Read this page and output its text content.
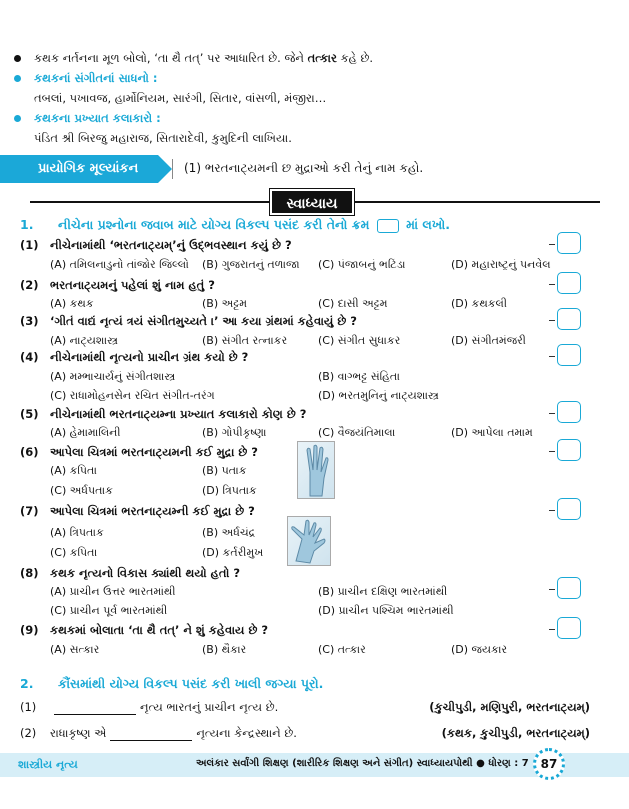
કથક નર્તનના મૂળ બોલો, ‘તા થૈ તત્’ પર આધારિત છે. જેને તત્કાર કહે છે.
કથકનાં સંગીતનાં સાધનો :
તબલાં, પખાવજ, હાર્મોનિયમ, સારંગી, સિતાર, વાંસળી, મંજીરા…
કથકના પ્રખ્યાત કલાકારો :
પંડિત શ્રી બિરજુ મહારાજ, સિતારાદેવી, કુમુદિની લાખિયા.
પ્રાયોગિક મૂલ્યાંકન	(1) ભરતનાટ્યમની છ મુદ્રાઓ કરી તેનું નામ કહો.
સ્વાધ્યાય
1. નીચેના પ્રશ્નોના જવાબ માટે યોગ્ય વિકલ્પ પસંદ કરી તેનો ક્રમ	માં લખો.
(1) નીચેનામાંથી ‘ભરતનાટ્યમ્’નું ઉદ્ભવસ્થાન કયું છે ?
(A) તમિલનાડુનો તાંજોર જિલ્લો (B) ગુજરાતનું તળાજા (C) પંજાબનું ભટિંડા	(D) મહારાષ્ટ્રનું પનવેલ
(2) ભરતનાટ્યમનું પહેલાં શું નામ હતું ?
(A) કથક	(B) અટ્ટમ	(C) દાસી અટ્ટમ	(D) કથકલી
(3) ‘ગીતં વાદ્યં નૃત્યં ત્રયં સંગીતમુચ્યતે ।’ આ કયા ગ્રંથમાં કહેવાયું છે ?
(A) નાટ્યશાસ્ત્ર	(B) સંગીત રત્નાકર	(C) સંગીત સુધાકર	(D) સંગીતમંજરી
(4) નીચેનામાંથી નૃત્યનો પ્રાચીન ગ્રંથ કયો છે ?
(A) મમ્ભાચાર્યનું સંગીતશાસ્ત્ર	(B) વાગ્ભટ્ટ સંહિતા
(C) રાધામોહનસેન રચિત સંગીત-તરંગ	(D) ભરતમુનિનું નાટ્યશાસ્ત્ર
(5) નીચેનામાંથી ભરતનાટ્યમ્ના પ્રખ્યાત કલાકારો કોણ છે ?
(A) હેમામાલિની	(B) ગોપીકૃષ્ણા	(C) વૈજયંતિમાલા	(D) આપેલા તમામ
(6) આપેલા ચિત્રમાં ભરતનાટ્યમની કઈ મુદ્રા છે ?
(A) કપિતા	(B) પતાક
(C) અર્ધપતાક	(D) ત્રિપતાક
(7) આપેલા ચિત્રમાં ભરતનાટ્યમ્ની કઈ મુદ્રા છે ?
(A) ત્રિપતાક	(B) અર્ધચંદ્ર
(C) કપિતા	(D) કર્તરીમુખ
(8) કથક નૃત્યનો વિકાસ ક્યાંથી થયો હતો ?
(A) પ્રાચીન ઉત્તર ભારતમાંથી	(B) પ્રાચીન દક્ષિણ ભારતમાંથી
(C) પ્રાચીન પૂર્વ ભારતમાંથી	(D) પ્રાચીન પશ્ચિમ ભારતમાંથી
(9) કથકમાં બોલાતા ‘તા થૈ તત્’ ને શું કહેવાય છે ?
(A) સત્કાર	(B) થૈકાર	(C) તત્કાર	(D) જયકાર
2. કૌંસમાંથી યોગ્ય વિકલ્પ પસંદ કરી ખાલી જગ્યા પૂરો.
(1)	નૃત્ય ભારતનું પ્રાચીન નૃત્ય છે.	(કુચીપુડી, મણિપુરી, ભરતનાટ્યમ્)
(2) રાધાકૃષ્ણ એ	નૃત્યના કેન્દ્રસ્થાને છે.	(કથક, કુચીપુડી, ભરતનાટ્યમ્)
શાસ્ત્રીય નૃત્ય	અલંકાર સર્વાંગી શિક્ષણ (શારીરિક શિક્ષણ અને સંગીત) સ્વાધ્યાયપોથી ● ધોરણ : 7 87
